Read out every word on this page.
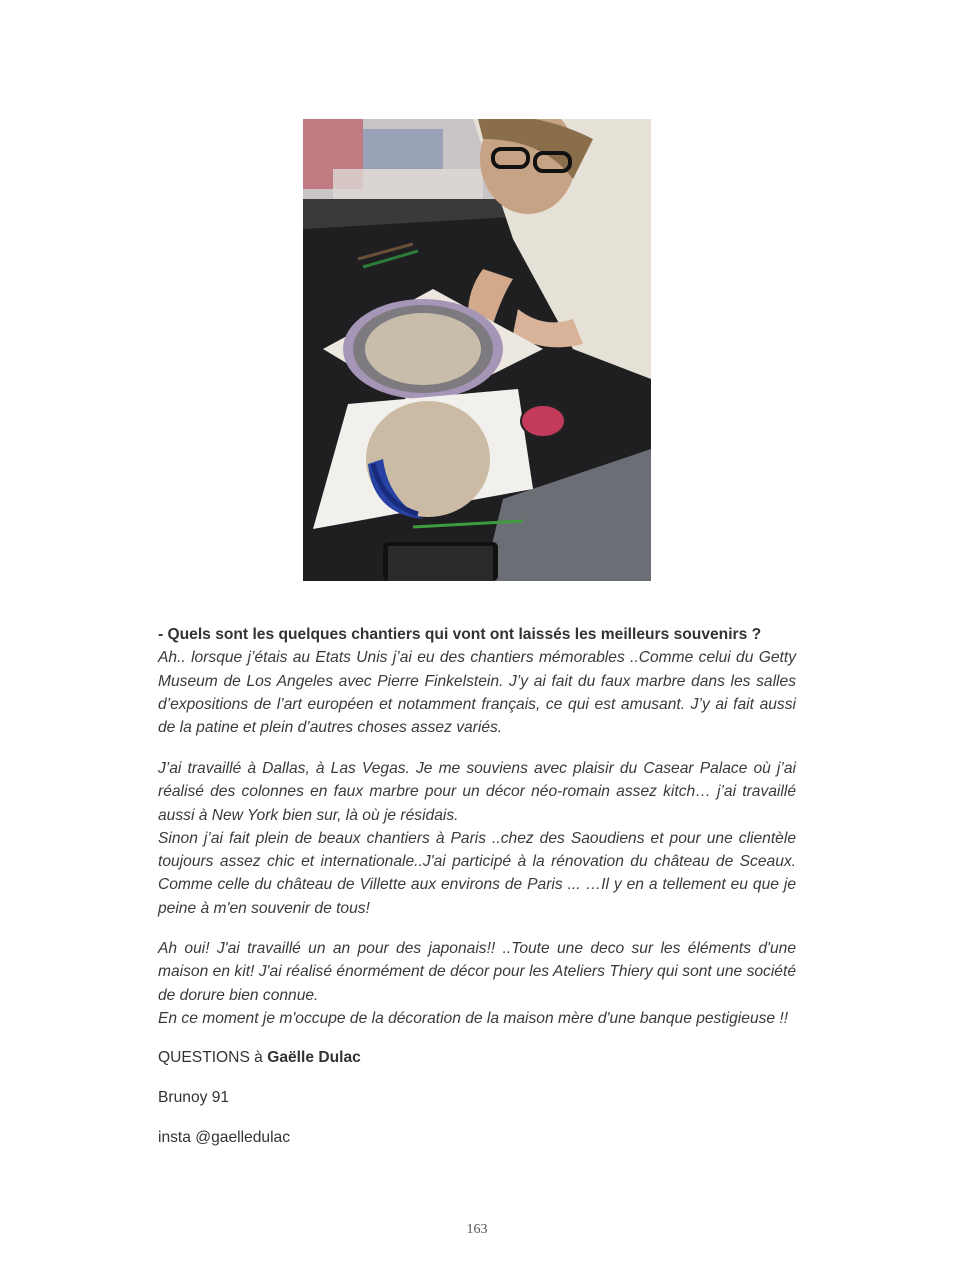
- Quels sont les quelques chantiers qui vont ont laissés les meilleurs souvenirs ?

Ah.. lorsque j’étais au Etats Unis j’ai eu des chantiers mémorables ..Comme celui du Getty Museum de Los Angeles avec Pierre Finkelstein. J’y ai fait du faux marbre dans les salles d’expositions de l’art européen et notamment français, ce qui est amusant. J’y ai fait aussi de la patine et plein d’autres choses assez variés.

J’ai travaillé à Dallas, à Las Vegas. Je me souviens avec plaisir du Casear Palace où j’ai réalisé des colonnes en faux marbre pour un décor néo-romain assez kitch… j’ai travaillé aussi à New York bien sur, là où je résidais.

Sinon j’ai fait plein de beaux chantiers à Paris ..chez des Saoudiens et pour une clientèle toujours assez chic et internationale..J'ai participé à la rénovation du château de Sceaux. Comme celle du château de Villette aux environs de Paris ... …Il y en a tellement eu que je peine à m'en souvenir de tous!

Ah oui! J'ai travaillé un an pour des japonais!! ..Toute une deco sur les éléments d'une maison en kit! J'ai réalisé énormément de décor pour les Ateliers Thiery qui sont une société de dorure bien connue.

En ce moment je m'occupe de la décoration de la maison mère d'une banque pestigieuse !!

QUESTIONS à Gaëlle Dulac
Brunoy 91
insta @gaelledulac
163
